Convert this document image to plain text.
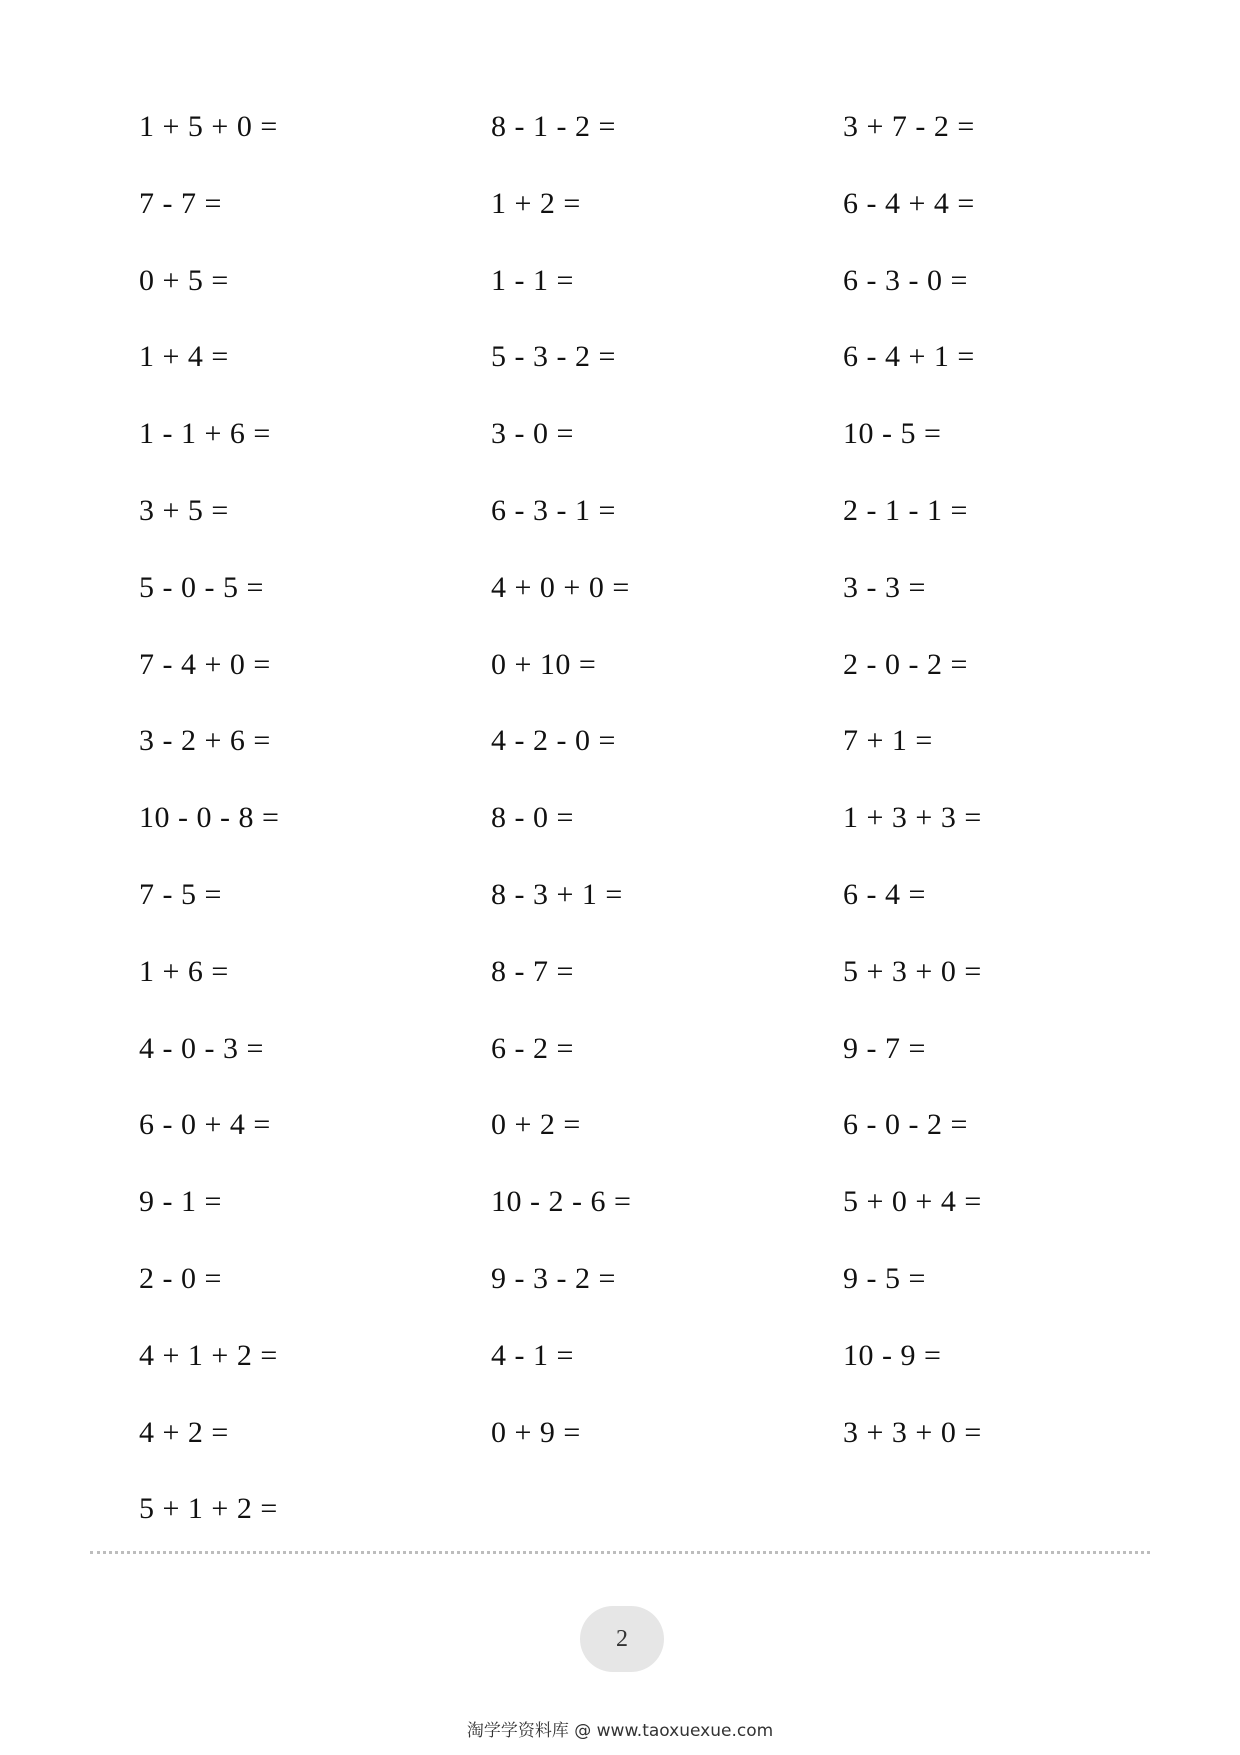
1 + 5 + 0 =
7 - 7 =
0 + 5 =
1 + 4 =
1 - 1 + 6 =
3 + 5 =
5 - 0 - 5 =
7 - 4 + 0 =
3 - 2 + 6 =
10 - 0 - 8 =
7 - 5 =
1 + 6 =
4 - 0 - 3 =
6 - 0 + 4 =
9 - 1 =
2 - 0 =
4 + 1 + 2 =
4 + 2 =
5 + 1 + 2 =
8 - 1 - 2 =
1 + 2 =
1 - 1 =
5 - 3 - 2 =
3 - 0 =
6 - 3 - 1 =
4 + 0 + 0 =
0 + 10 =
4 - 2 - 0 =
8 - 0 =
8 - 3 + 1 =
8 - 7 =
6 - 2 =
0 + 2 =
10 - 2 - 6 =
9 - 3 - 2 =
4 - 1 =
0 + 9 =
3 + 7 - 2 =
6 - 4 + 4 =
6 - 3 - 0 =
6 - 4 + 1 =
10 - 5 =
2 - 1 - 1 =
3 - 3 =
2 - 0 - 2 =
7 + 1 =
1 + 3 + 3 =
6 - 4 =
5 + 3 + 0 =
9 - 7 =
6 - 0 - 2 =
5 + 0 + 4 =
9 - 5 =
10 - 9 =
3 + 3 + 0 =
2
淘学学资料库 @ www.taoxuexue.com
